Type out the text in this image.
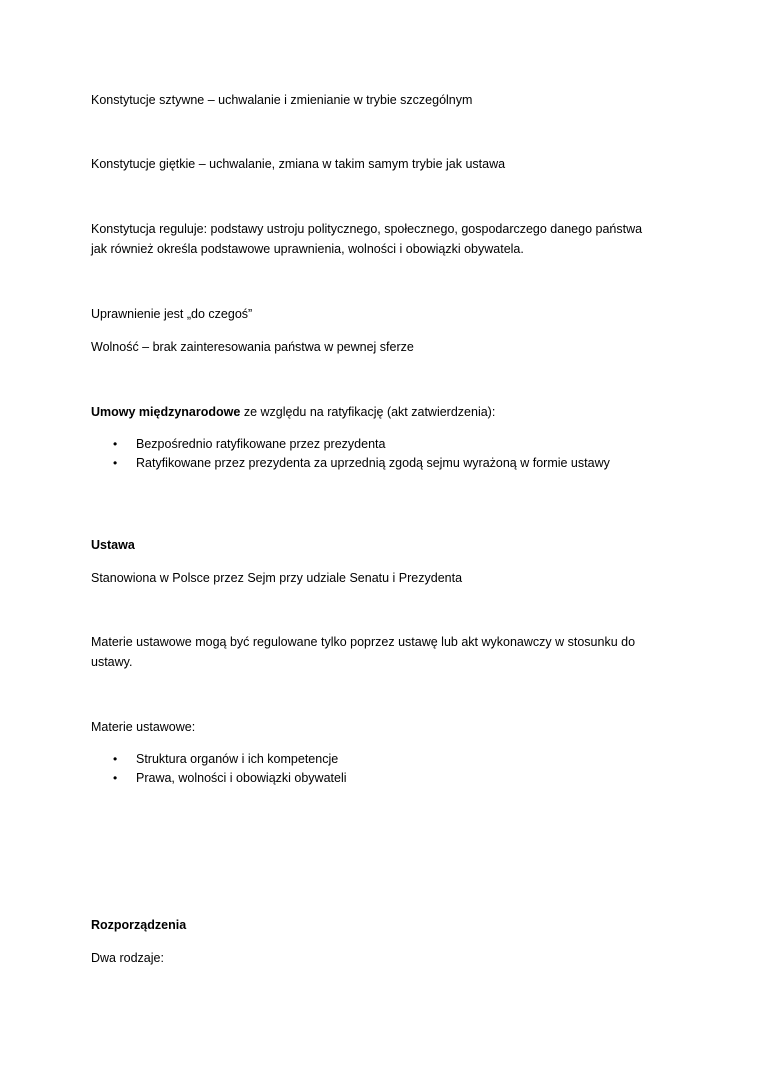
Konstytucje sztywne – uchwalanie i zmienianie w trybie szczególnym

Konstytucje giętkie – uchwalanie, zmiana w takim samym trybie jak ustawa

Konstytucja reguluje: podstawy ustroju politycznego, społecznego, gospodarczego danego państwa

jak również określa podstawowe uprawnienia, wolności i obowiązki obywatela.

Uprawnienie jest „do czegoś”

Wolność – brak zainteresowania państwa w pewnej sferze

Umowy międzynarodowe ze względu na ratyfikację (akt zatwierdzenia):

• Bezpośrednio ratyfikowane przez prezydenta

• Ratyfikowane przez prezydenta za uprzednią zgodą sejmu wyrażoną w formie ustawy

Ustawa

Stanowiona w Polsce przez Sejm przy udziale Senatu i Prezydenta

Materie ustawowe mogą być regulowane tylko poprzez ustawę lub akt wykonawczy w stosunku do

ustawy.

Materie ustawowe:

• Struktura organów i ich kompetencje

• Prawa, wolności i obowiązki obywateli

Rozporządzenia

Dwa rodzaje:
